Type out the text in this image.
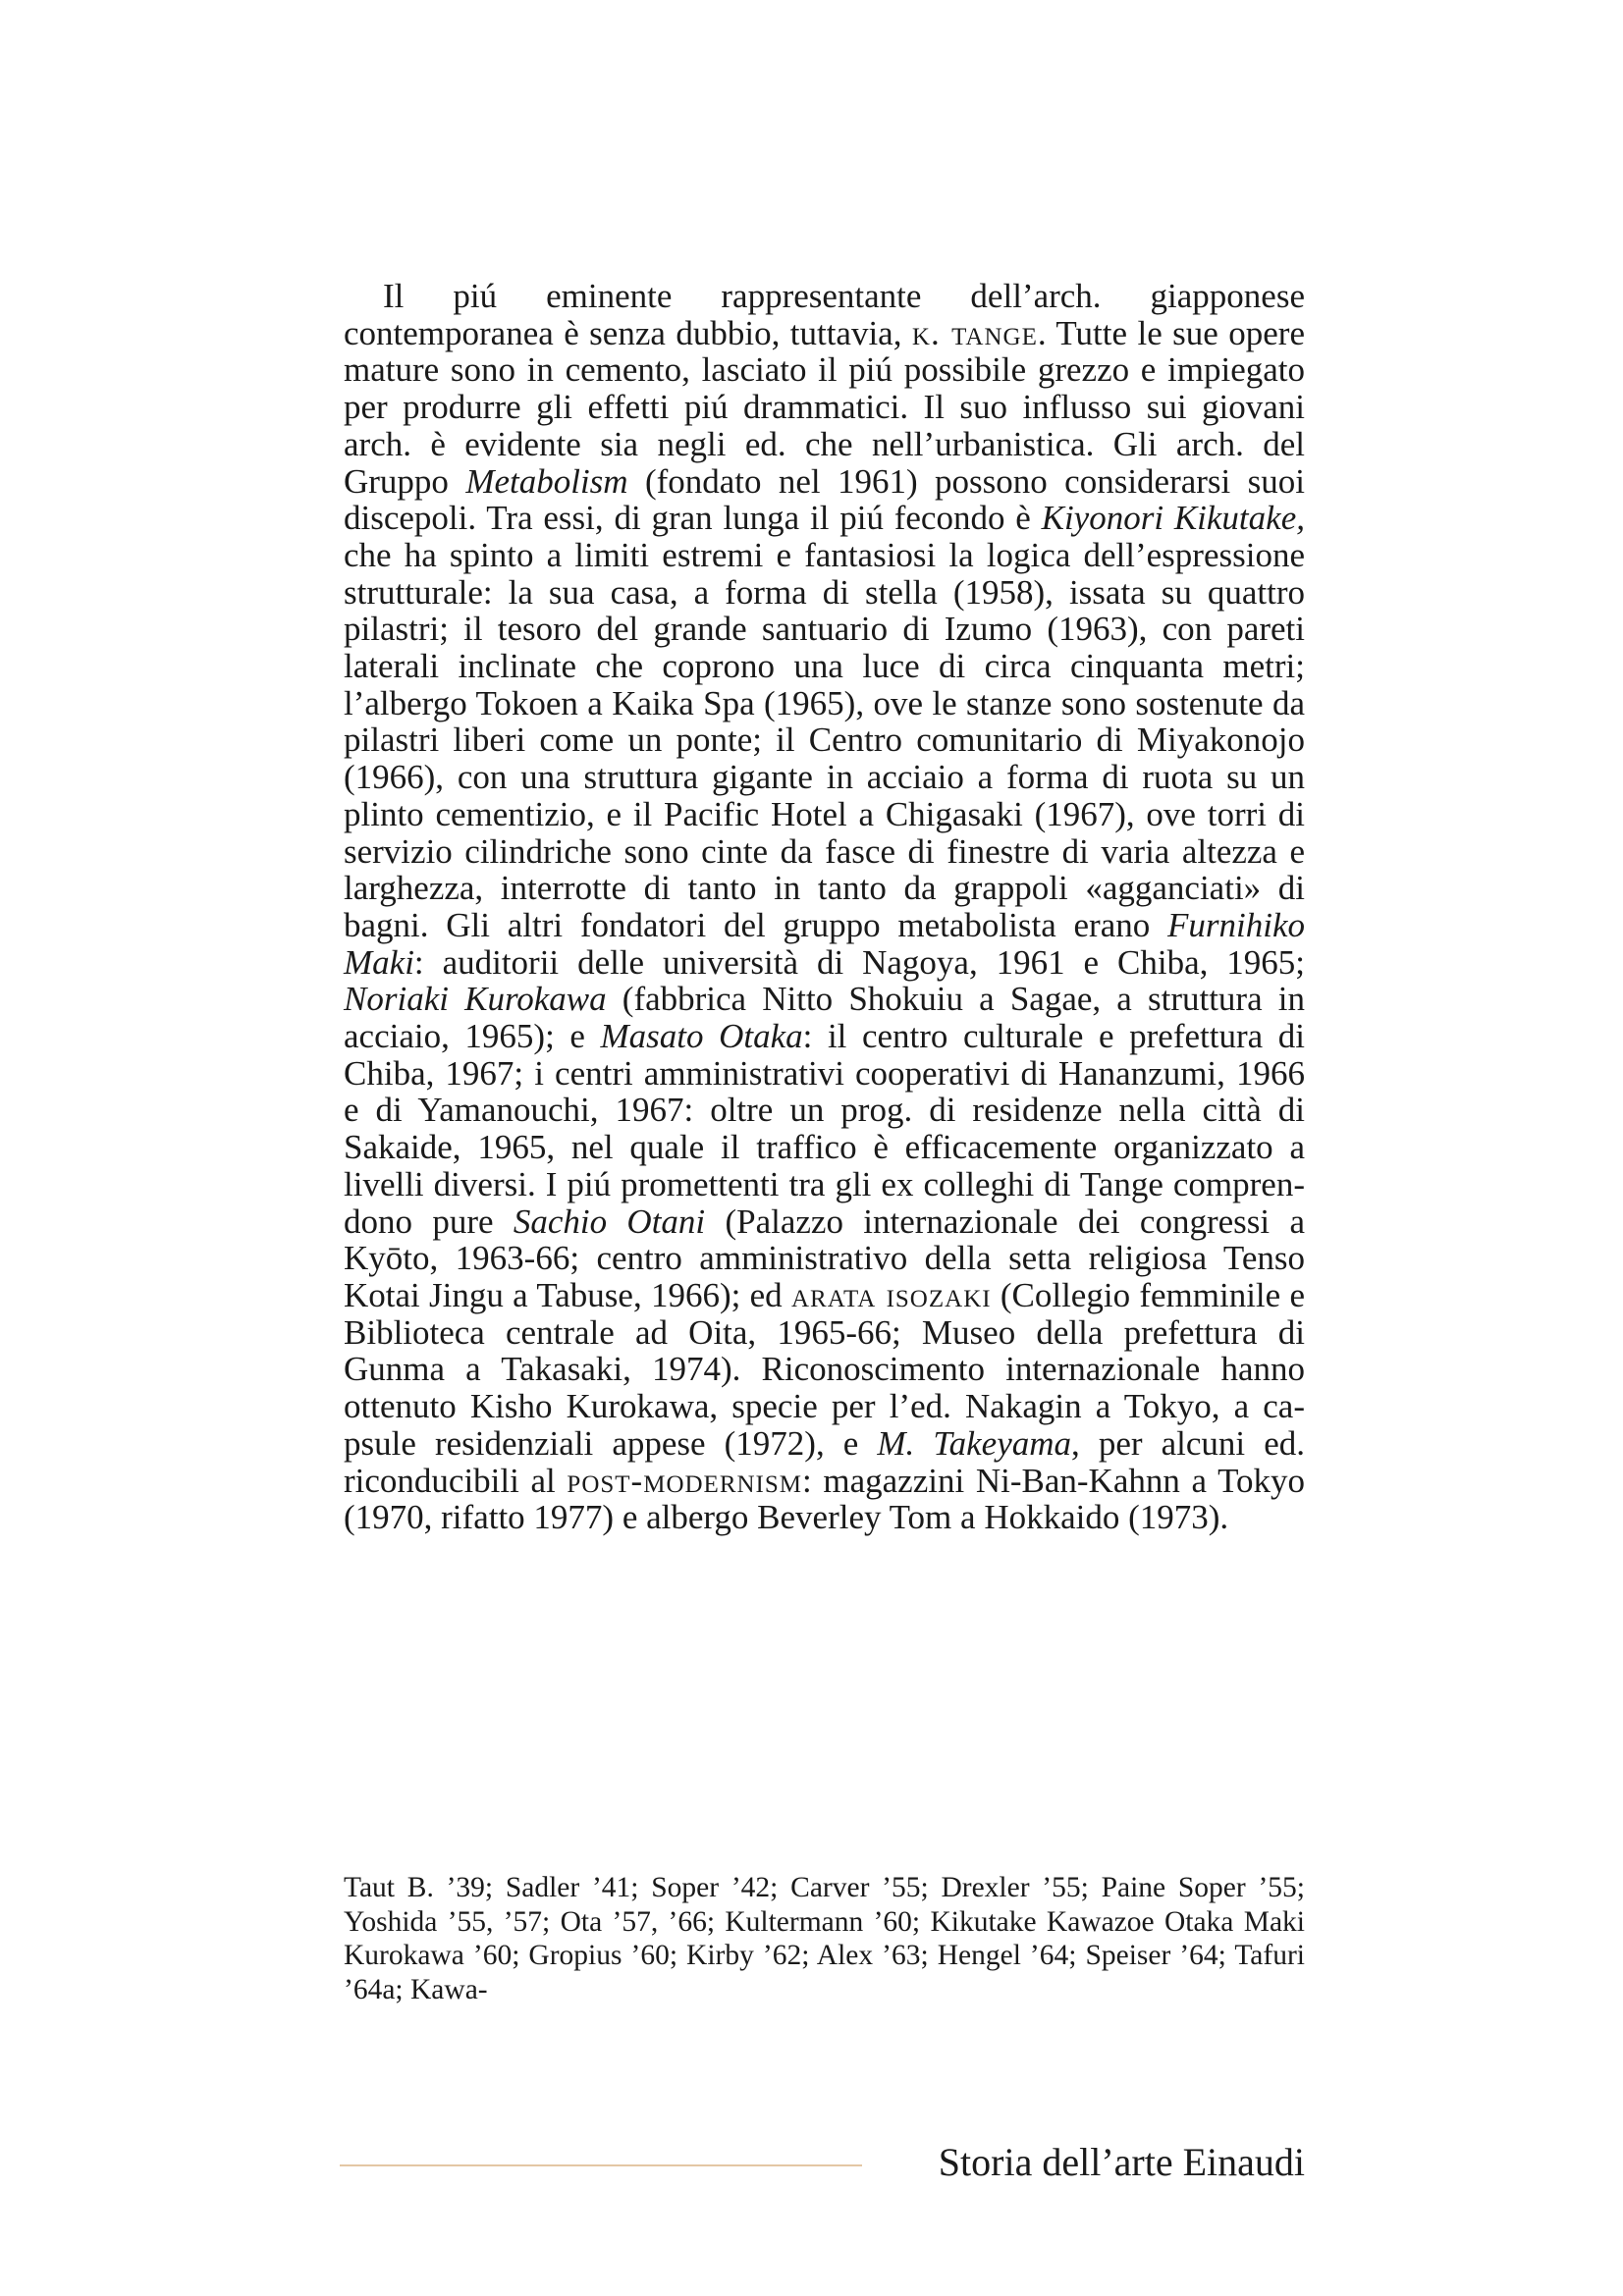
Il piú eminente rappresentante dell’arch. giapponese contemporanea è senza dubbio, tuttavia, k. tange. Tutte le sue opere mature sono in cemento, lasciato il piú possibile grezzo e impiegato per produrre gli effetti piú drammatici. Il suo influsso sui giovani arch. è evidente sia negli ed. che nell’urbanistica. Gli arch. del Gruppo Metabolism (fondato nel 1961) possono considerarsi suoi discepoli. Tra essi, di gran lunga il piú fecondo è Kiyonori Kikutake, che ha spinto a limiti estremi e fantasiosi la logica dell’espressione strutturale: la sua casa, a forma di stella (1958), issata su quattro pilastri; il tesoro del grande santuario di Izumo (1963), con pareti laterali inclinate che coprono una luce di circa cinquanta metri; l’albergo Tokoen a Kaika Spa (1965), ove le stanze sono sostenute da pilastri liberi come un ponte; il Centro comunitario di Miyakonojo (1966), con una struttura gigante in acciaio a forma di ruota su un plinto cementizio, e il Pacific Hotel a Chigasaki (1967), ove torri di servizio cilindriche sono cinte da fasce di finestre di varia altezza e larghezza, interrotte di tanto in tanto da grappoli «agganciati» di bagni. Gli altri fondatori del gruppo metabolista erano Furnihiko Maki: auditorii delle università di Nagoya, 1961 e Chiba, 1965; Noriaki Kurokawa (fabbrica Nitto Shokuiu a Sagae, a struttura in acciaio, 1965); e Masato Otaka: il centro culturale e prefettura di Chiba, 1967; i centri amministrativi cooperativi di Hananzumi, 1966 e di Yamanouchi, 1967: oltre un prog. di residenze nella città di Sakaide, 1965, nel quale il traffico è efficacemente organizzato a livelli diversi. I piú promettenti tra gli ex colleghi di Tange comprendono pure Sachio Otani (Palazzo internazionale dei congressi a Kyōto, 1963-66; centro amministrativo della setta religiosa Tenso Kotai Jingu a Tabuse, 1966); ed arata isozaki (Collegio femminile e Biblioteca centrale ad Oita, 1965-66; Museo della prefettura di Gunma a Takasaki, 1974). Riconoscimento internazionale hanno ottenuto Kisho Kurokawa, specie per l’ed. Nakagin a Tokyo, a capsule residenziali appese (1972), e M. Takeyama, per alcuni ed. riconducibili al post-modernism: magazzini Ni-Ban-Kahnn a Tokyo (1970, rifatto 1977) e albergo Beverley Tom a Hokkaido (1973).

Taut B. ’39; Sadler ’41; Soper ’42; Carver ’55; Drexler ’55; Paine Soper ’55; Yoshida ’55, ’57; Ota ’57, ’66; Kultermann ’60; Kikutake Kawazoe Otaka Maki Kurokawa ’60; Gropius ’60; Kirby ’62; Alex ’63; Hengel ’64; Speiser ’64; Tafuri ’64a; Kawa-

Storia dell’arte Einaudi
